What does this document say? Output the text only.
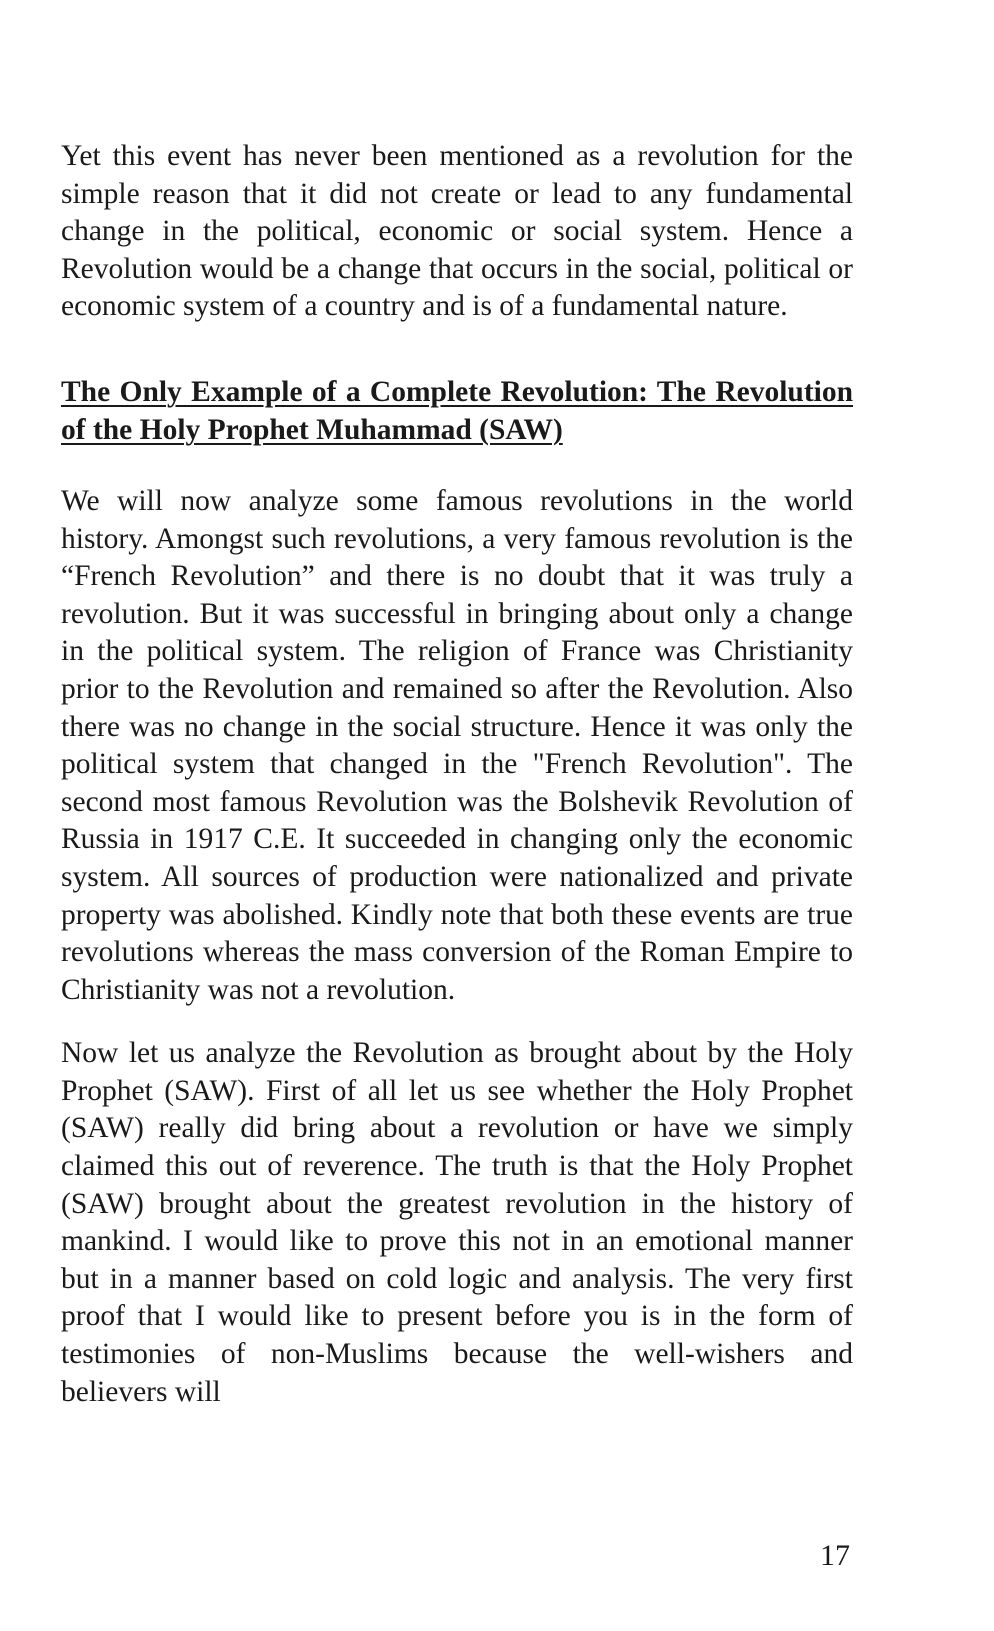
Yet this event has never been mentioned as a revolution for the simple reason that it did not create or lead to any fundamental change in the political, economic or social system. Hence a Revolution would be a change that occurs in the social, political or economic system of a country and is of a fundamental nature.

The Only Example of a Complete Revolution: The Revolution of the Holy Prophet Muhammad (SAW)

We will now analyze some famous revolutions in the world history. Amongst such revolutions, a very famous revolution is the “French Revolution” and there is no doubt that it was truly a revolution. But it was successful in bringing about only a change in the political system. The religion of France was Christianity prior to the Revolution and remained so after the Revolution. Also there was no change in the social structure. Hence it was only the political system that changed in the "French Revolution". The second most famous Revolution was the Bolshevik Revolution of Russia in 1917 C.E. It succeeded in changing only the economic system. All sources of production were nationalized and private property was abolished. Kindly note that both these events are true revolutions whereas the mass conversion of the Roman Empire to Christianity was not a revolution.

Now let us analyze the Revolution as brought about by the Holy Prophet (SAW). First of all let us see whether the Holy Prophet (SAW) really did bring about a revolution or have we simply claimed this out of reverence. The truth is that the Holy Prophet (SAW) brought about the greatest revolution in the history of mankind. I would like to prove this not in an emotional manner but in a manner based on cold logic and analysis. The very first proof that I would like to present before you is in the form of testimonies of non-Muslims because the well-wishers and believers will

17
